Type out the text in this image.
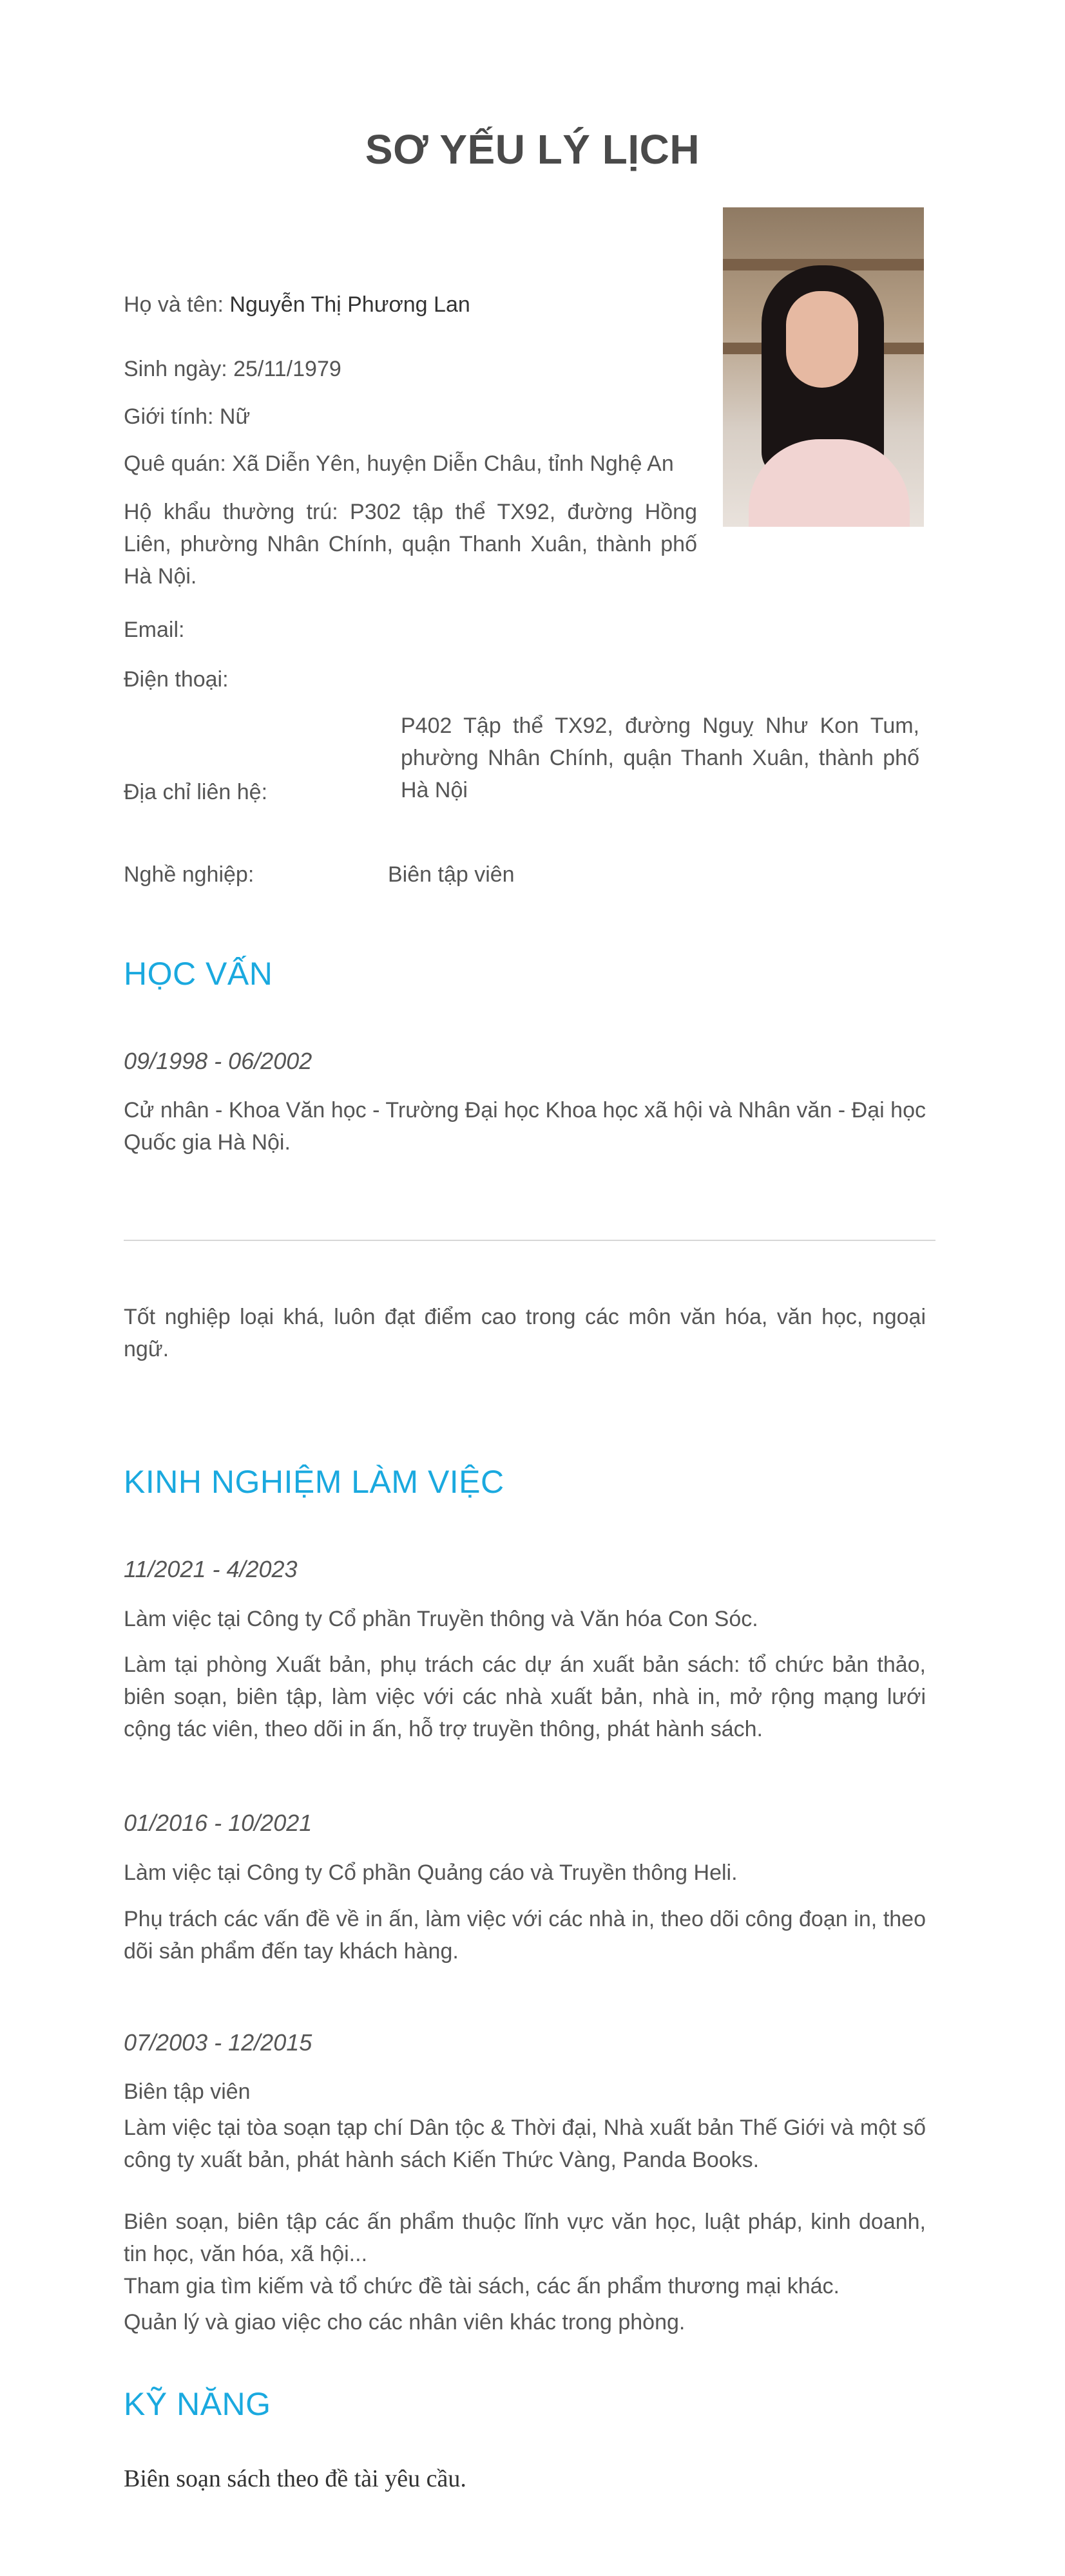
SƠ YẾU LÝ LỊCH
Họ và tên: Nguyễn Thị Phương Lan
Sinh ngày: 25/11/1979
Giới tính: Nữ
Quê quán: Xã Diễn Yên, huyện Diễn Châu, tỉnh Nghệ An
Hộ khẩu thường trú: P302 tập thể TX92, đường Hồng Liên, phường Nhân Chính, quận Thanh Xuân, thành phố Hà Nội.
Email:
Điện thoại:
P402 Tập thể TX92, đường Nguỵ Như Kon Tum, phường Nhân Chính, quận Thanh Xuân, thành phố Hà Nội
Địa chỉ liên hệ:
Nghề nghiệp:	Biên tập viên
HỌC VẤN
09/1998 - 06/2002
Cử nhân - Khoa Văn học - Trường Đại học Khoa học xã hội và Nhân văn - Đại học Quốc gia Hà Nội.
Tốt nghiệp loại khá, luôn đạt điểm cao trong các môn văn hóa, văn học, ngoại ngữ.
KINH NGHIỆM LÀM VIỆC
11/2021 - 4/2023
Làm việc tại Công ty Cổ phần Truyền thông và Văn hóa Con Sóc.
Làm tại phòng Xuất bản, phụ trách các dự án xuất bản sách: tổ chức bản thảo, biên soạn, biên tập, làm việc với các nhà xuất bản, nhà in, mở rộng mạng lưới cộng tác viên, theo dõi in ấn, hỗ trợ truyền thông, phát hành sách.
01/2016 - 10/2021
Làm việc tại Công ty Cổ phần Quảng cáo và Truyền thông Heli.
Phụ trách các vấn đề về in ấn, làm việc với các nhà in, theo dõi công đoạn in, theo dõi sản phẩm đến tay khách hàng.
07/2003 - 12/2015
Biên tập viên
Làm việc tại tòa soạn tạp chí Dân tộc & Thời đại, Nhà xuất bản Thế Giới và một số công ty xuất bản, phát hành sách Kiến Thức Vàng, Panda Books.
Biên soạn, biên tập các ấn phẩm thuộc lĩnh vực văn học, luật pháp, kinh doanh, tin học, văn hóa, xã hội...
Tham gia tìm kiếm và tổ chức đề tài sách, các ấn phẩm thương mại khác.
Quản lý và giao việc cho các nhân viên khác trong phòng.
KỸ NĂNG
Biên soạn sách theo đề tài yêu cầu.
